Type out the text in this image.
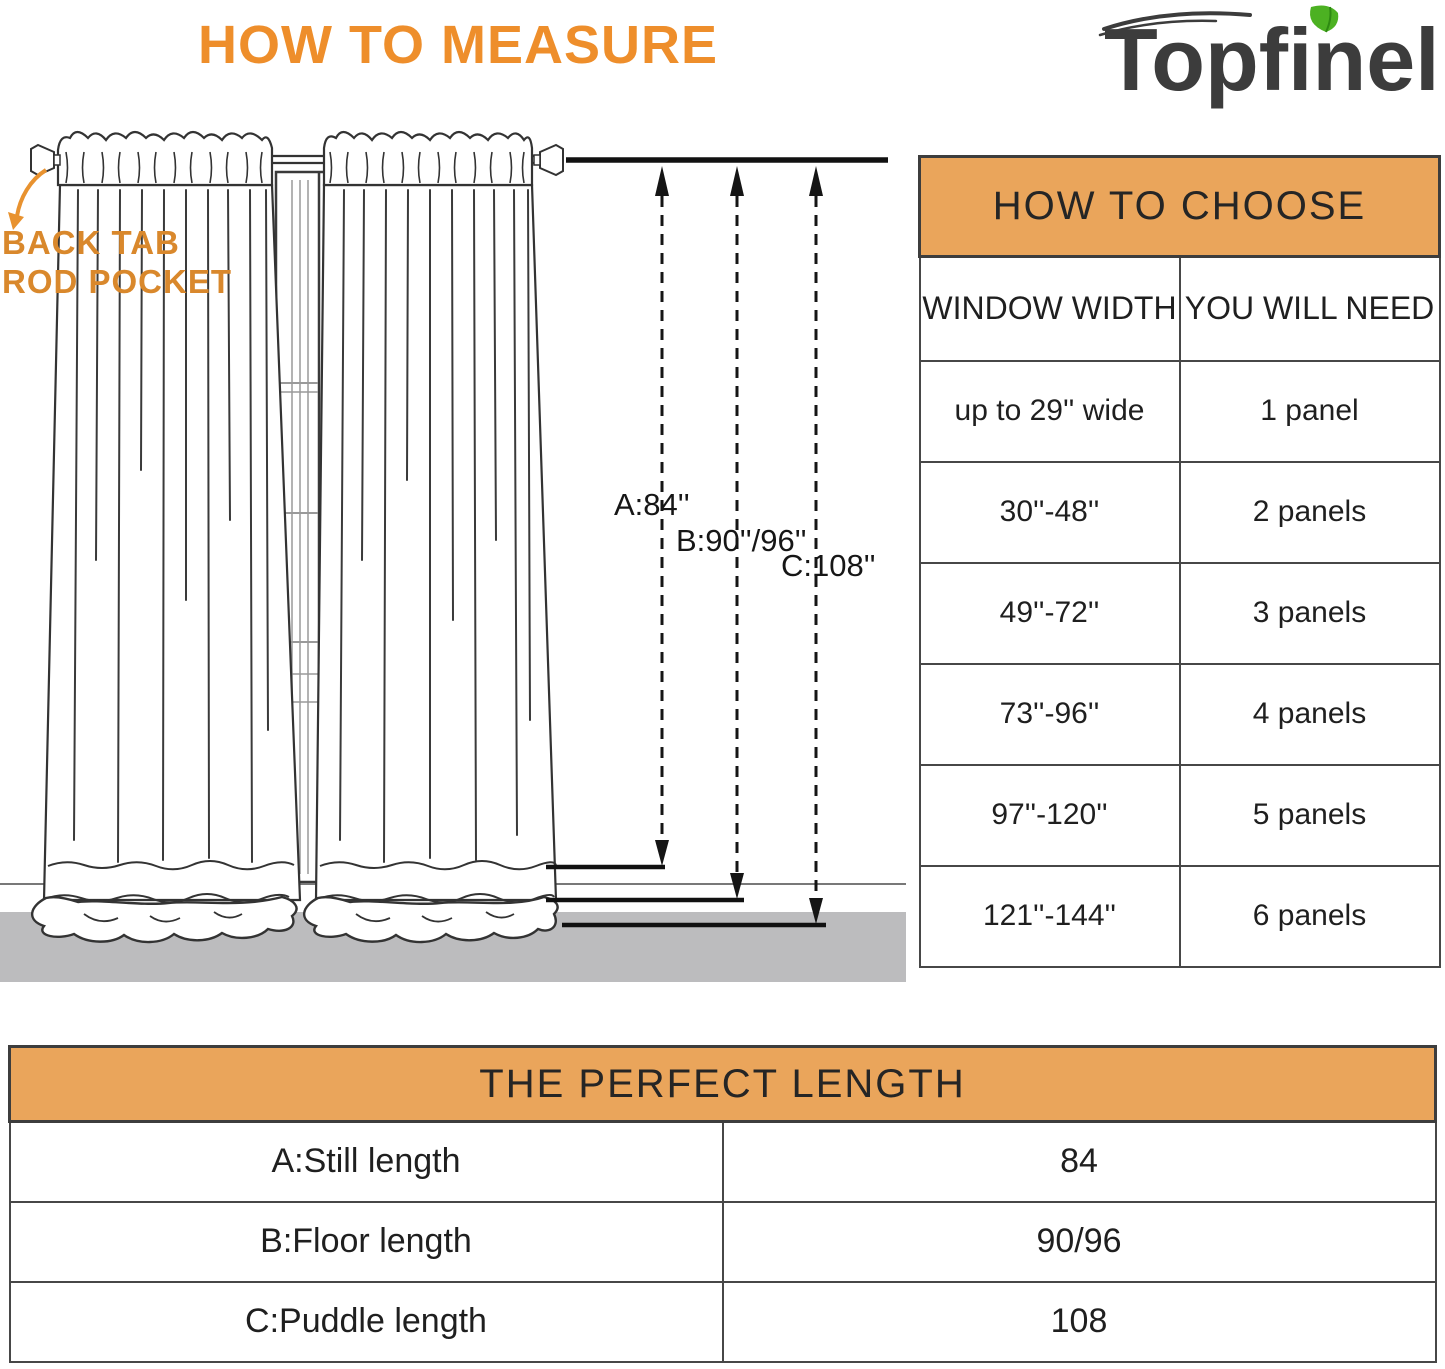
HOW TO MEASURE	Topfinel
BACK TAB
ROD POCKET
A:84''
B:90''/96''
C:108''
HOW TO CHOOSE	
WINDOW WIDTH	YOU WILL NEED
up to 29'' wide	1 panel
30''-48''	2 panels
49''-72''	3 panels
73''-96''	4 panels
97''-120''	5 panels
121''-144''	6 panels
THE PERFECT LENGTH	
A:Still length	84
B:Floor length	90/96
C:Puddle length	108
